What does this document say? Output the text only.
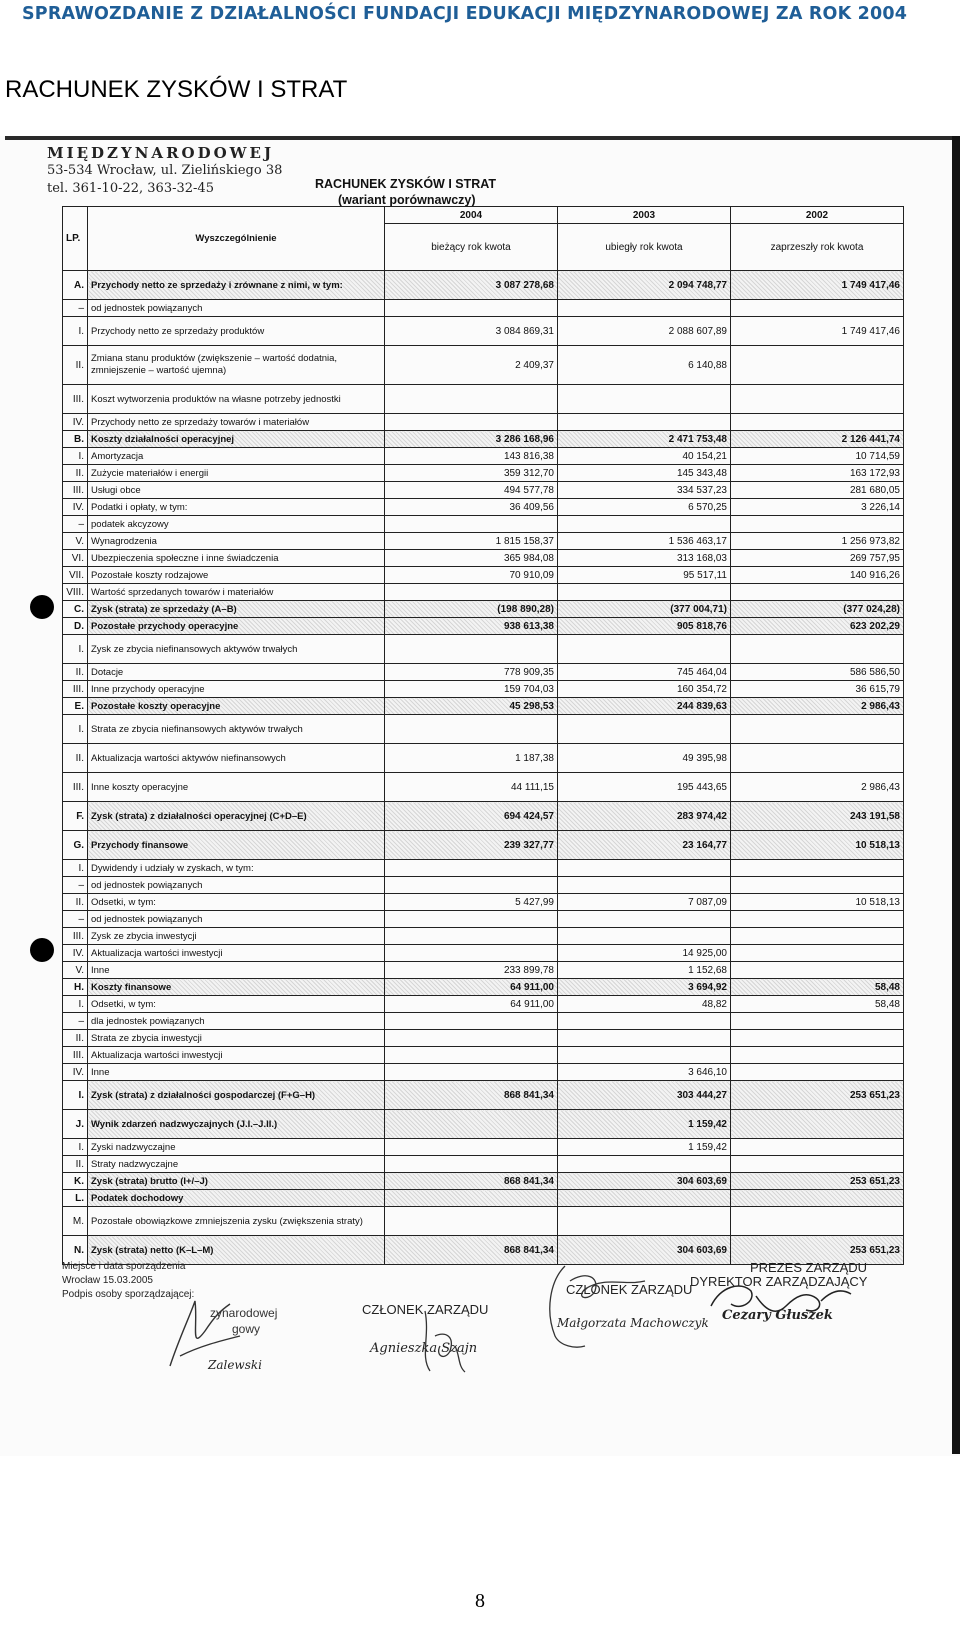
SPRAWOZDANIE Z DZIAŁALNOŚCI FUNDACJI EDUKACJI MIĘDZYNARODOWEJ ZA ROK 2004
RACHUNEK ZYSKÓW I STRAT
MIĘDZYNARODOWEJ
53-534 Wrocław, ul. Zielińskiego 38
tel. 361-10-22, 363-32-45	RACHUNEK ZYSKÓW I STRAT
(wariant porównawczy)
LP.	Wyszczególnienie	2004	2003	2002
		bieżący rok kwota	ubiegły rok kwota	zaprzeszły rok kwota
A.	Przychody netto ze sprzedaży i zrównane z nimi, w tym:	3 087 278,68	2 094 748,77	1 749 417,46
–	od jednostek powiązanych			
I.	Przychody netto ze sprzedaży produktów	3 084 869,31	2 088 607,89	1 749 417,46
II.	Zmiana stanu produktów (zwiększenie – wartość dodatnia, zmniejszenie – wartość ujemna)	2 409,37	6 140,88	
III.	Koszt wytworzenia produktów na własne potrzeby jednostki			
IV.	Przychody netto ze sprzedaży towarów i materiałów			
B.	Koszty działalności operacyjnej	3 286 168,96	2 471 753,48	2 126 441,74
I.	Amortyzacja	143 816,38	40 154,21	10 714,59
II.	Zużycie materiałów i energii	359 312,70	145 343,48	163 172,93
III.	Usługi obce	494 577,78	334 537,23	281 680,05
IV.	Podatki i opłaty, w tym:	36 409,56	6 570,25	3 226,14
–	podatek akcyzowy			
V.	Wynagrodzenia	1 815 158,37	1 536 463,17	1 256 973,82
VI.	Ubezpieczenia społeczne i inne świadczenia	365 984,08	313 168,03	269 757,95
VII.	Pozostałe koszty rodzajowe	70 910,09	95 517,11	140 916,26
VIII.	Wartość sprzedanych towarów i materiałów			
C.	Zysk (strata) ze sprzedaży (A–B)	(198 890,28)	(377 004,71)	(377 024,28)
D.	Pozostałe przychody operacyjne	938 613,38	905 818,76	623 202,29
I.	Zysk ze zbycia niefinansowych aktywów trwałych			
II.	Dotacje	778 909,35	745 464,04	586 586,50
III.	Inne przychody operacyjne	159 704,03	160 354,72	36 615,79
E.	Pozostałe koszty operacyjne	45 298,53	244 839,63	2 986,43
I.	Strata ze zbycia niefinansowych aktywów trwałych			
II.	Aktualizacja wartości aktywów niefinansowych	1 187,38	49 395,98	
III.	Inne koszty operacyjne	44 111,15	195 443,65	2 986,43
F.	Zysk (strata) z działalności operacyjnej (C+D–E)	694 424,57	283 974,42	243 191,58
G.	Przychody finansowe	239 327,77	23 164,77	10 518,13
I.	Dywidendy i udziały w zyskach, w tym:			
–	od jednostek powiązanych			
II.	Odsetki, w tym:	5 427,99	7 087,09	10 518,13
–	od jednostek powiązanych			
III.	Zysk ze zbycia inwestycji			
IV.	Aktualizacja wartości inwestycji		14 925,00	
V.	Inne	233 899,78	1 152,68	
H.	Koszty finansowe	64 911,00	3 694,92	58,48
I.	Odsetki, w tym:	64 911,00	48,82	58,48
–	dla jednostek powiązanych			
II.	Strata ze zbycia inwestycji			
III.	Aktualizacja wartości inwestycji			
IV.	Inne		3 646,10	
I.	Zysk (strata) z działalności gospodarczej (F+G–H)	868 841,34	303 444,27	253 651,23
J.	Wynik zdarzeń nadzwyczajnych (J.I.–J.II.)		1 159,42	
I.	Zyski nadzwyczajne		1 159,42	
II.	Straty nadzwyczajne			
K.	Zysk (strata) brutto (I+/–J)	868 841,34	304 603,69	253 651,23
L.	Podatek dochodowy			
M.	Pozostałe obowiązkowe zmniejszenia zysku (zwiększenia straty)			
N.	Zysk (strata) netto (K–L–M)	868 841,34	304 603,69	253 651,23
Miejsce i data sporządzenia
Wrocław 15.03.2005
Podpis osoby sporządzającej:
zynarodowej
gowy
Zalewski
CZŁONEK ZARZĄDU
Agnieszka Szajn
CZŁONEK ZARZĄDU
Małgorzata Machowczyk
PREZES ZARZĄDU
DYREKTOR ZARZĄDZAJĄCY
Cezary Głuszek
8
